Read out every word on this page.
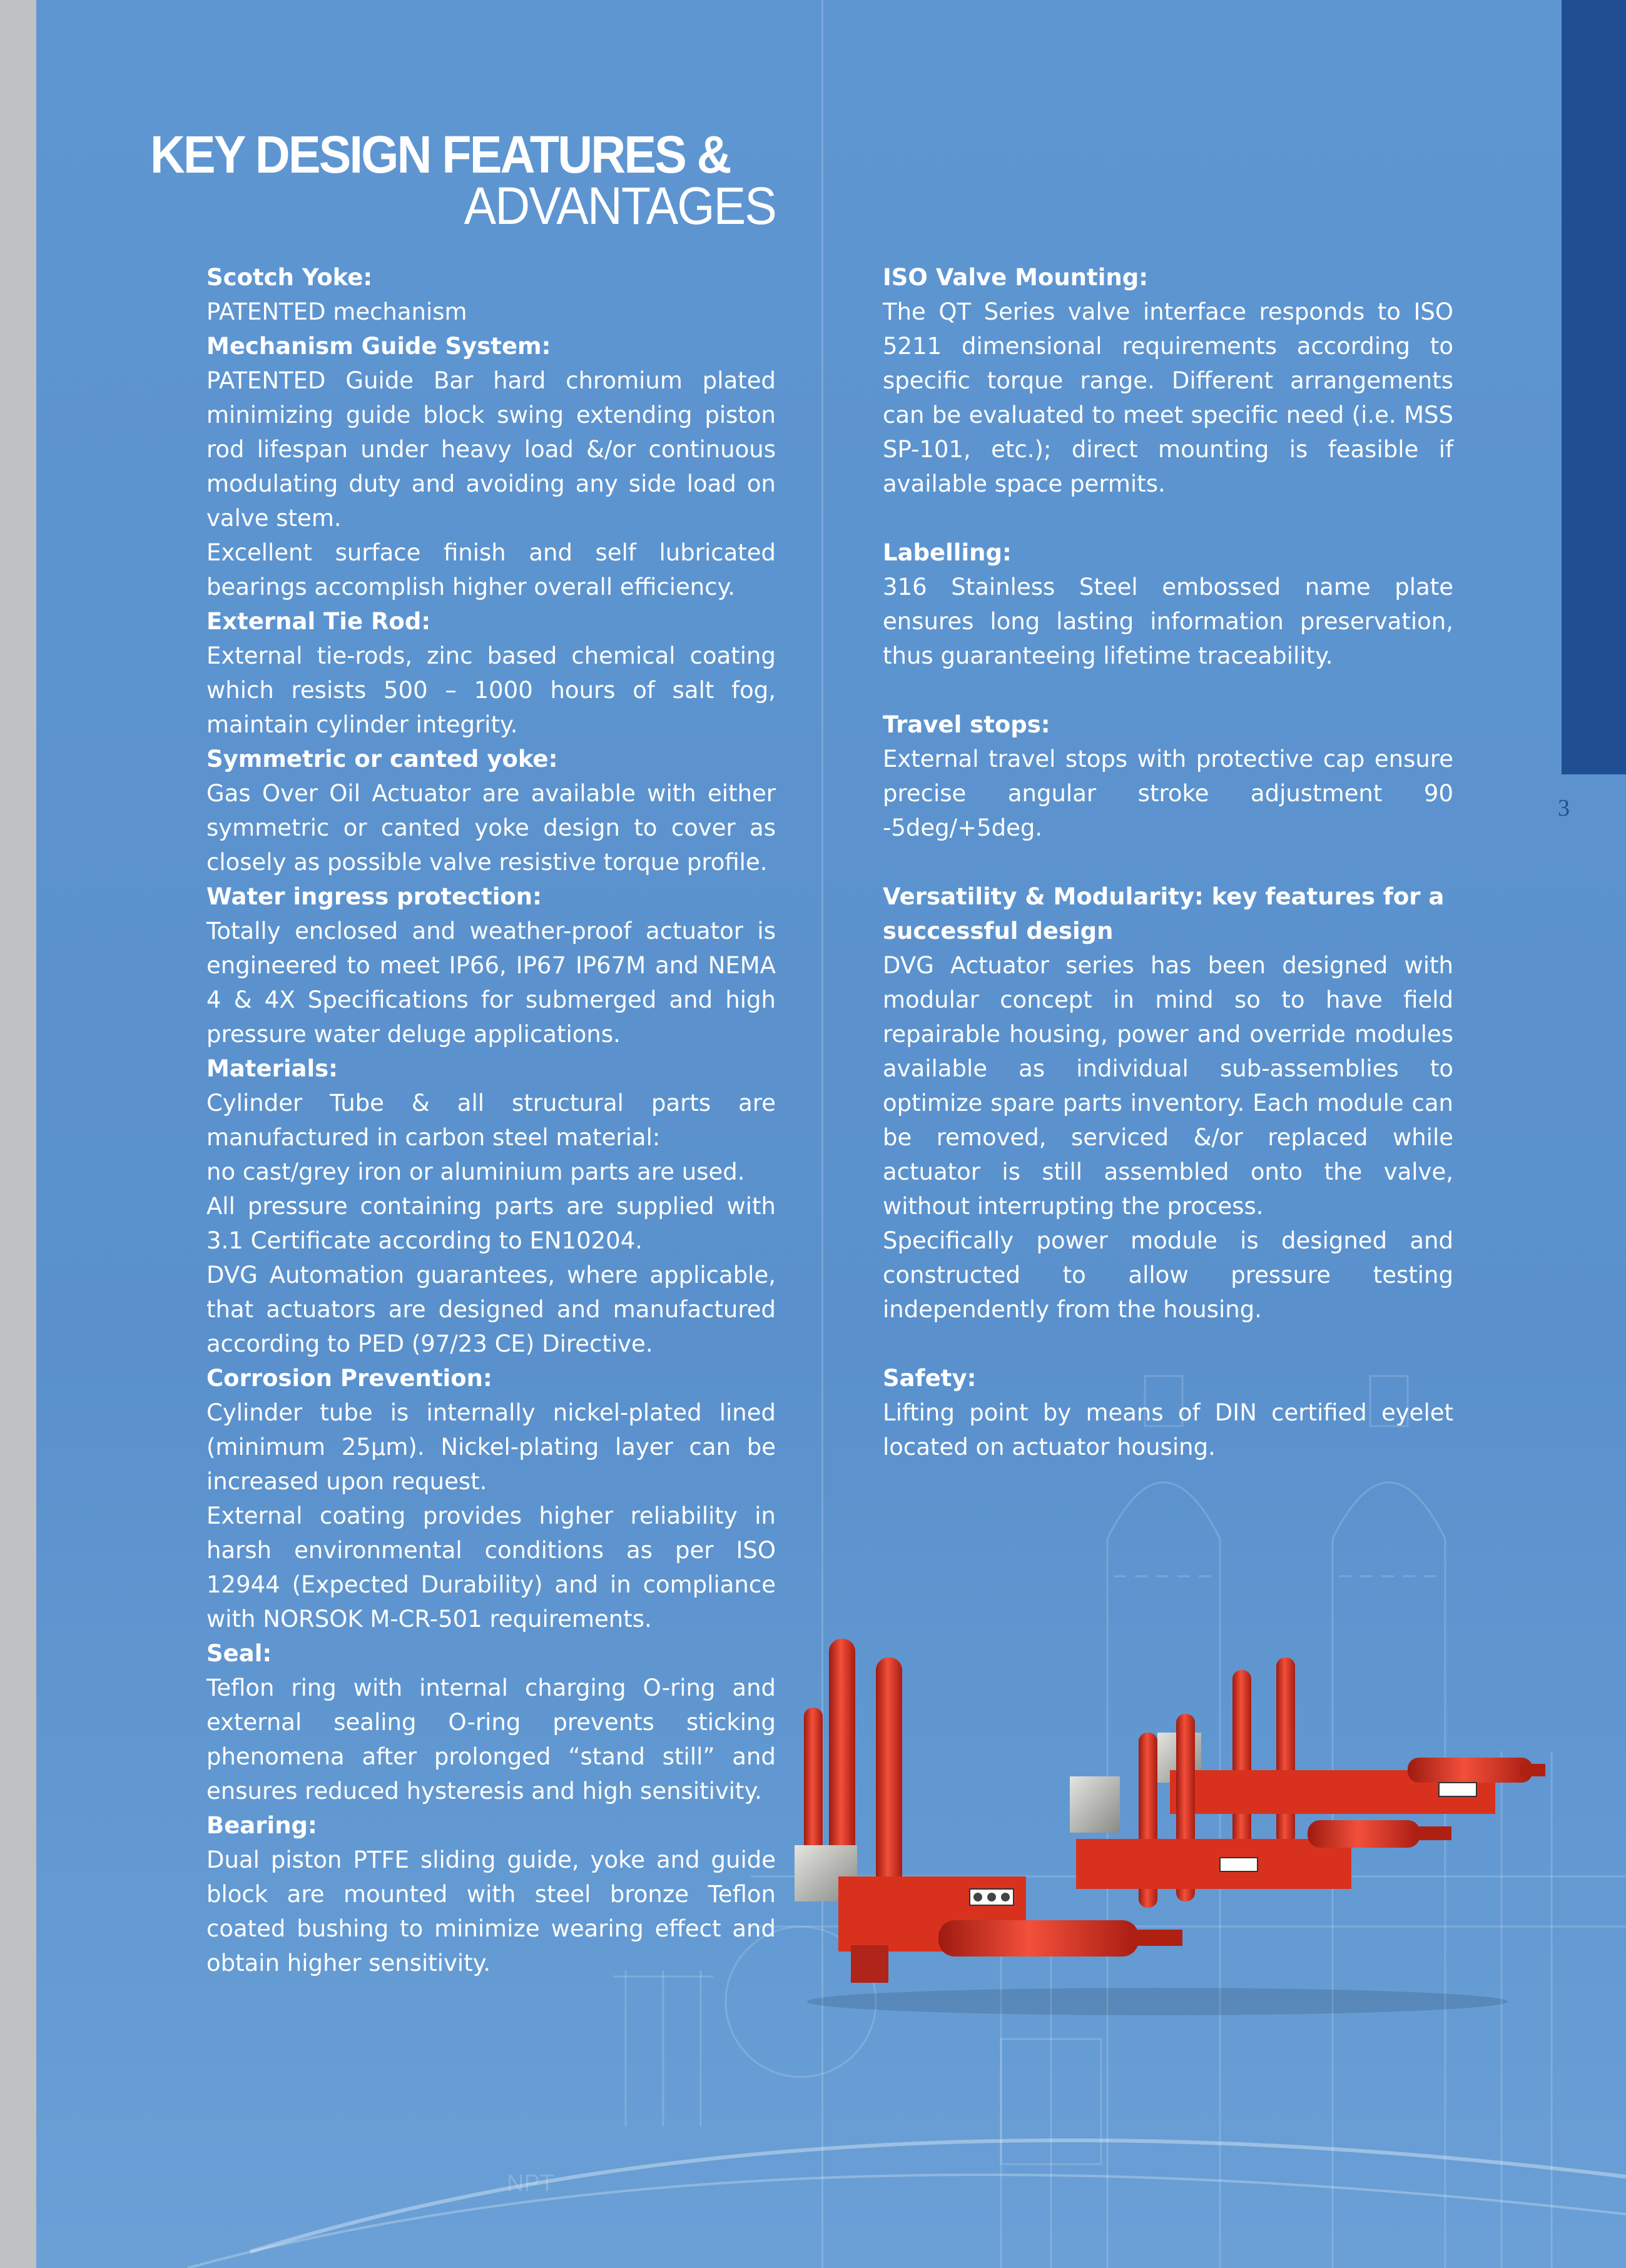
NPT
KEY DESIGN FEATURES &
ADVANTAGES
Scotch Yoke:
PATENTED mechanism
Mechanism Guide System:
PATENTED Guide Bar hard chromium plated minimizing guide block swing extending piston rod lifespan under heavy load &/or continuous modulating duty and avoiding any side load on valve stem.
Excellent surface finish and self lubricated bearings accomplish higher overall efficiency.
External Tie Rod:
External tie-rods, zinc based chemical coating which resists 500 – 1000 hours of salt fog, maintain cylinder integrity.
Symmetric or canted yoke:
Gas Over Oil Actuator are available with either symmetric or canted yoke design to cover as closely as possible valve resistive torque profile.
Water ingress protection:
Totally enclosed and weather-proof actuator is engineered to meet IP66, IP67 IP67M and NEMA 4 & 4X Specifications for submerged and high pressure water deluge applications.
Materials:
Cylinder Tube & all structural parts are manufactured in carbon steel material:
no cast/grey iron or aluminium parts are used.
All pressure containing parts are supplied with 3.1 Certificate according to EN10204.
DVG Automation guarantees, where applicable, that actuators are designed and manufactured according to PED (97/23 CE) Directive.
Corrosion Prevention:
Cylinder tube is internally nickel-plated lined (minimum 25µm). Nickel-plating layer can be increased upon request.
External coating provides higher reliability in harsh environmental conditions as per ISO 12944 (Expected Durability) and in compliance with NORSOK M-CR-501 requirements.
Seal:
Teflon ring with internal charging O-ring and external sealing O-ring prevents sticking phenomena after prolonged “stand still” and ensures reduced hysteresis and high sensitivity.
Bearing:
Dual piston PTFE sliding guide, yoke and guide block are mounted with steel bronze Teflon coated bushing to minimize wearing effect and obtain higher sensitivity.
ISO Valve Mounting:
The QT Series valve interface responds to ISO 5211 dimensional requirements according to specific torque range. Different arrangements can be evaluated to meet specific need (i.e. MSS SP-101, etc.); direct mounting is feasible if available space permits.
Labelling:
316 Stainless Steel embossed name plate ensures long lasting information preservation, thus guaranteeing lifetime traceability.
Travel stops:
External travel stops with protective cap ensure precise angular stroke adjustment 90 -5deg/+5deg.
Versatility & Modularity: key features for a successful design
DVG Actuator series has been designed with modular concept in mind so to have field repairable housing, power and override modules available as individual sub-assemblies to optimize spare parts inventory. Each module can be removed, serviced &/or replaced while actuator is still assembled onto the valve, without interrupting the process.
Specifically power module is designed and constructed to allow pressure testing independently from the housing.
Safety:
Lifting point by means of DIN certified eyelet located on actuator housing.
3
